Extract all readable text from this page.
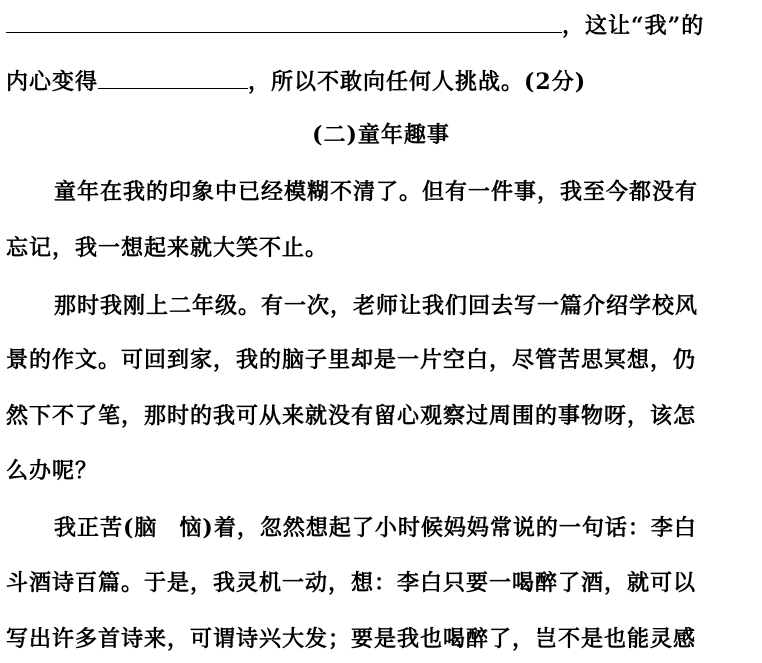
，这让“我”的
内心变得	，所以不敢向任何人挑战。(2分)
(二)童年趣事
童年在我的印象中已经模糊不清了。但有一件事，我至今都没有
忘记，我一想起来就大笑不止。
那时我刚上二年级。有一次，老师让我们回去写一篇介绍学校风
景的作文。可回到家，我的脑子里却是一片空白，尽管苦思冥想，仍
然下不了笔，那时的我可从来就没有留心观察过周围的事物呀，该怎
么办呢？
我正苦(脑 恼)着，忽然想起了小时候妈妈常说的一句话：李白
斗酒诗百篇。于是，我灵机一动，想：李白只要一喝醉了酒，就可以
写出许多首诗来，可谓诗兴大发；要是我也喝醉了，岂不是也能灵感
